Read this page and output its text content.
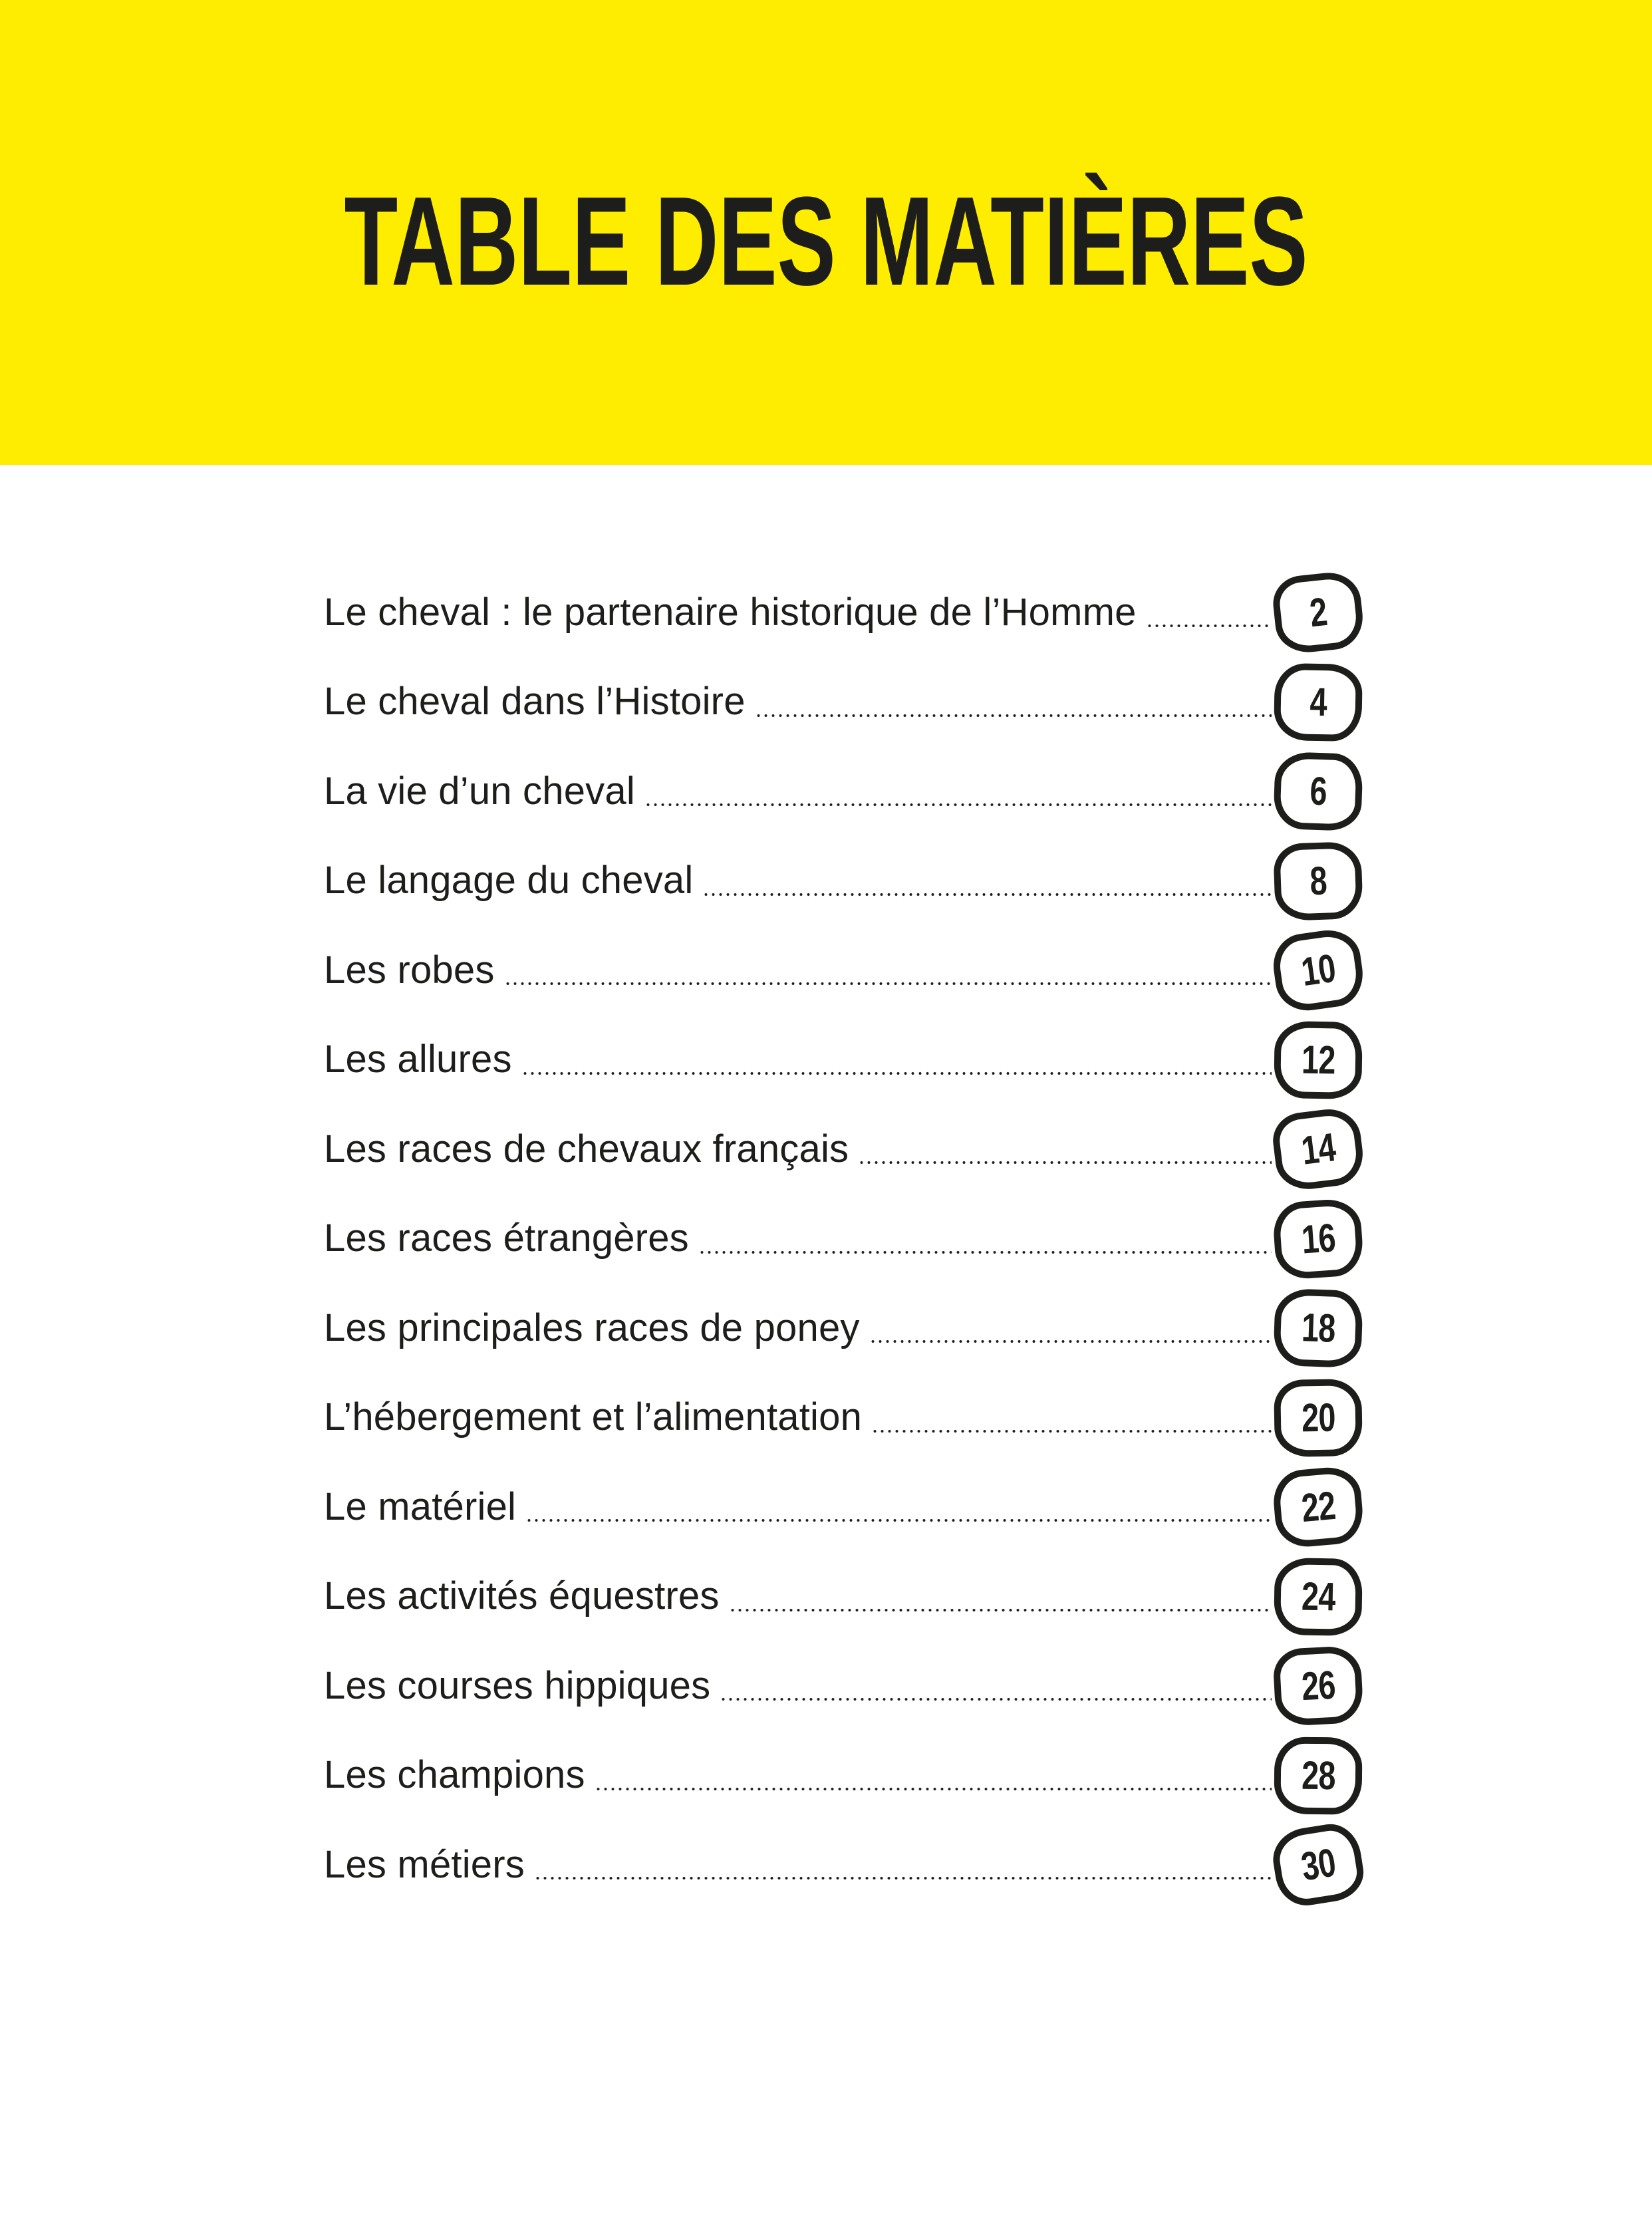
TABLE DES MATIÈRES
Le cheval : le partenaire historique de l’Homme	2
Le cheval dans l’Histoire	4
La vie d’un cheval	6
Le langage du cheval	8
Les robes	10
Les allures	12
Les races de chevaux français	14
Les races étrangères	16
Les principales races de poney	18
L’hébergement et l’alimentation	20
Le matériel	22
Les activités équestres	24
Les courses hippiques	26
Les champions	28
Les métiers	30
